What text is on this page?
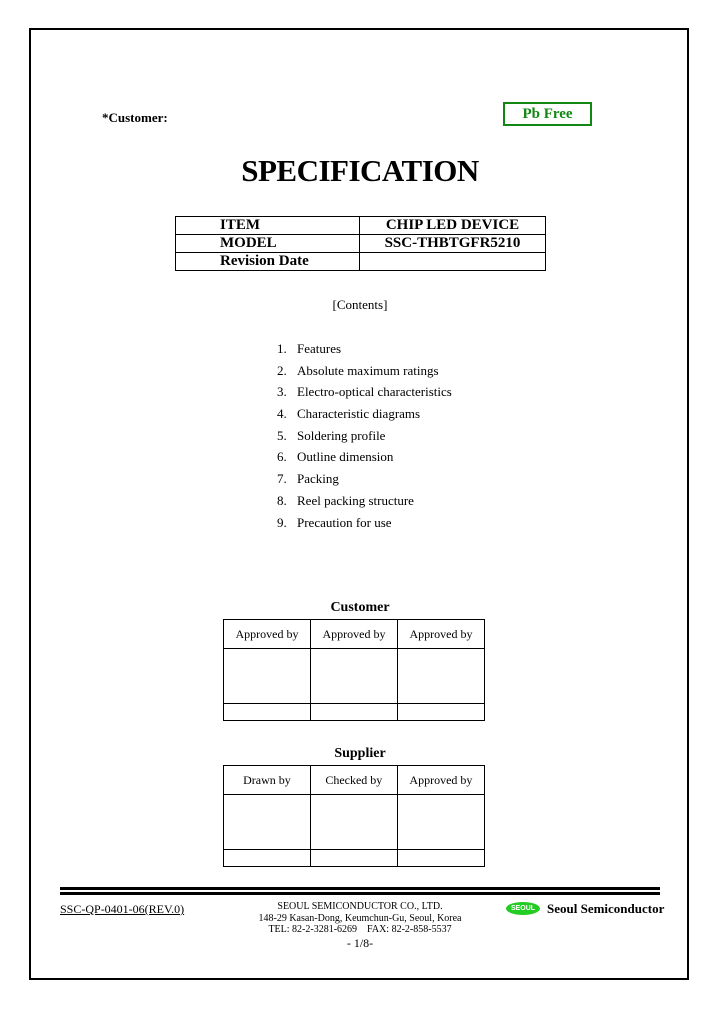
*Customer:	Pb Free
SPECIFICATION
ITEM	CHIP LED DEVICE
MODEL	SSC-THBTGFR5210
Revision Date	
[Contents]
1. Features
2. Absolute maximum ratings
3. Electro-optical characteristics
4. Characteristic diagrams
5. Soldering profile
6. Outline dimension
7. Packing
8. Reel packing structure
9. Precaution for use
Customer
Approved by	Approved by	Approved by

Supplier
Drawn by	Checked by	Approved by

SSC-QP-0401-06(REV.0)	SEOUL SEMICONDUCTOR CO., LTD.
148-29 Kasan-Dong, Keumchun-Gu, Seoul, Korea
TEL: 82-2-3281-6269    FAX: 82-2-858-5537
- 1/8-
SEOUL Seoul Semiconductor
